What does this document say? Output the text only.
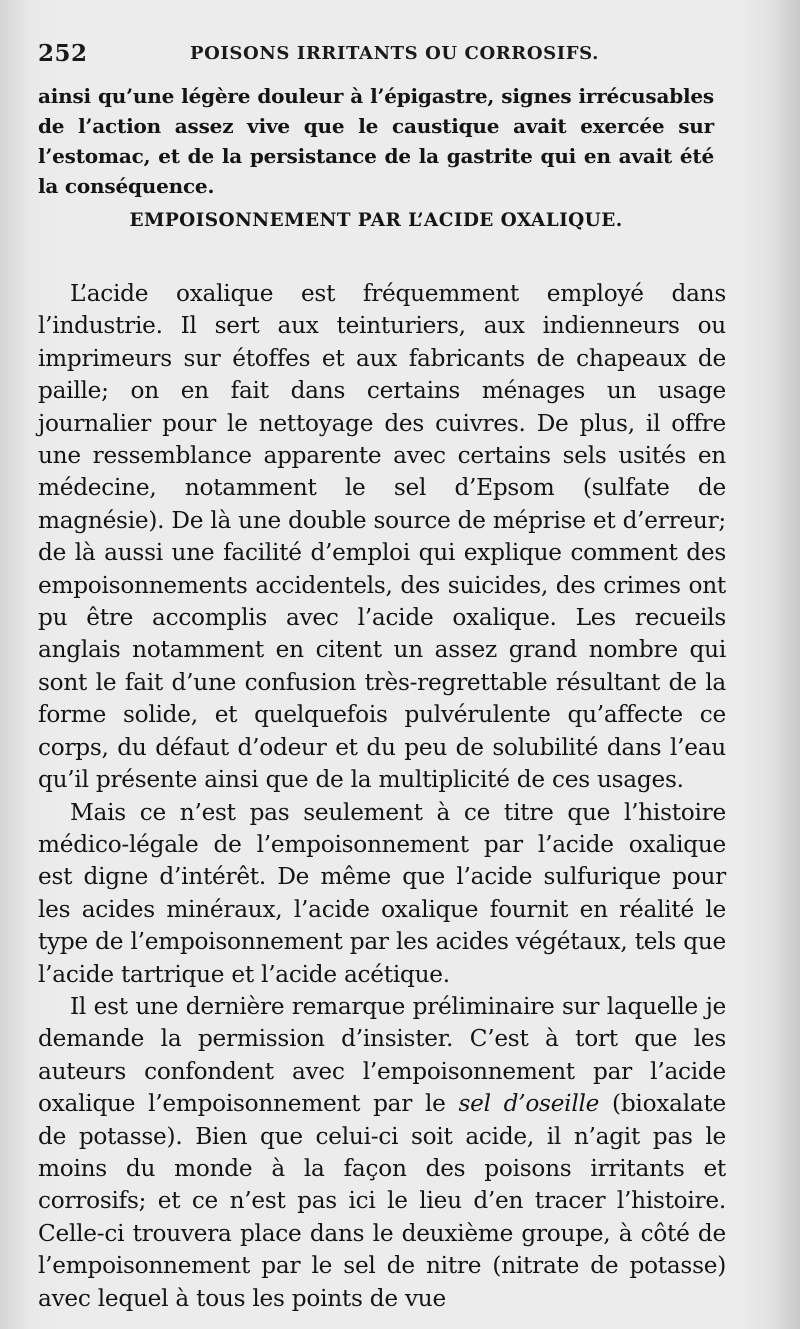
252	POISONS IRRITANTS OU CORROSIFS.
ainsi qu’une légère douleur à l’épigastre, signes irrécusables de l’action assez vive que le caustique avait exercée sur l’estomac, et de la persistance de la gastrite qui en avait été la conséquence.
EMPOISONNEMENT PAR L’ACIDE OXALIQUE.

L’acide oxalique est fréquemment employé dans l’industrie. Il sert aux teinturiers, aux indienneurs ou imprimeurs sur étoffes et aux fabricants de chapeaux de paille; on en fait dans certains ménages un usage journalier pour le nettoyage des cuivres. De plus, il offre une ressemblance apparente avec certains sels usités en médecine, notamment le sel d’Epsom (sulfate de magnésie). De là une double source de méprise et d’erreur; de là aussi une facilité d’emploi qui explique comment des empoisonnements accidentels, des suicides, des crimes ont pu être accomplis avec l’acide oxalique. Les recueils anglais notamment en citent un assez grand nombre qui sont le fait d’une confusion très-regrettable résultant de la forme solide, et quelquefois pulvérulente qu’affecte ce corps, du défaut d’odeur et du peu de solubilité dans l’eau qu’il présente ainsi que de la multiplicité de ces usages.

Mais ce n’est pas seulement à ce titre que l’histoire médico-légale de l’empoisonnement par l’acide oxalique est digne d’intérêt. De même que l’acide sulfurique pour les acides minéraux, l’acide oxalique fournit en réalité le type de l’empoisonnement par les acides végétaux, tels que l’acide tartrique et l’acide acétique.

Il est une dernière remarque préliminaire sur laquelle je demande la permission d’insister. C’est à tort que les auteurs confondent avec l’empoisonnement par l’acide oxalique l’empoisonnement par le sel d’oseille (bioxalate de potasse). Bien que celui-ci soit acide, il n’agit pas le moins du monde à la façon des poisons irritants et corrosifs; et ce n’est pas ici le lieu d’en tracer l’histoire. Celle-ci trouvera place dans le deuxième groupe, à côté de l’empoisonnement par le sel de nitre (nitrate de potasse) avec lequel à tous les points de vue
